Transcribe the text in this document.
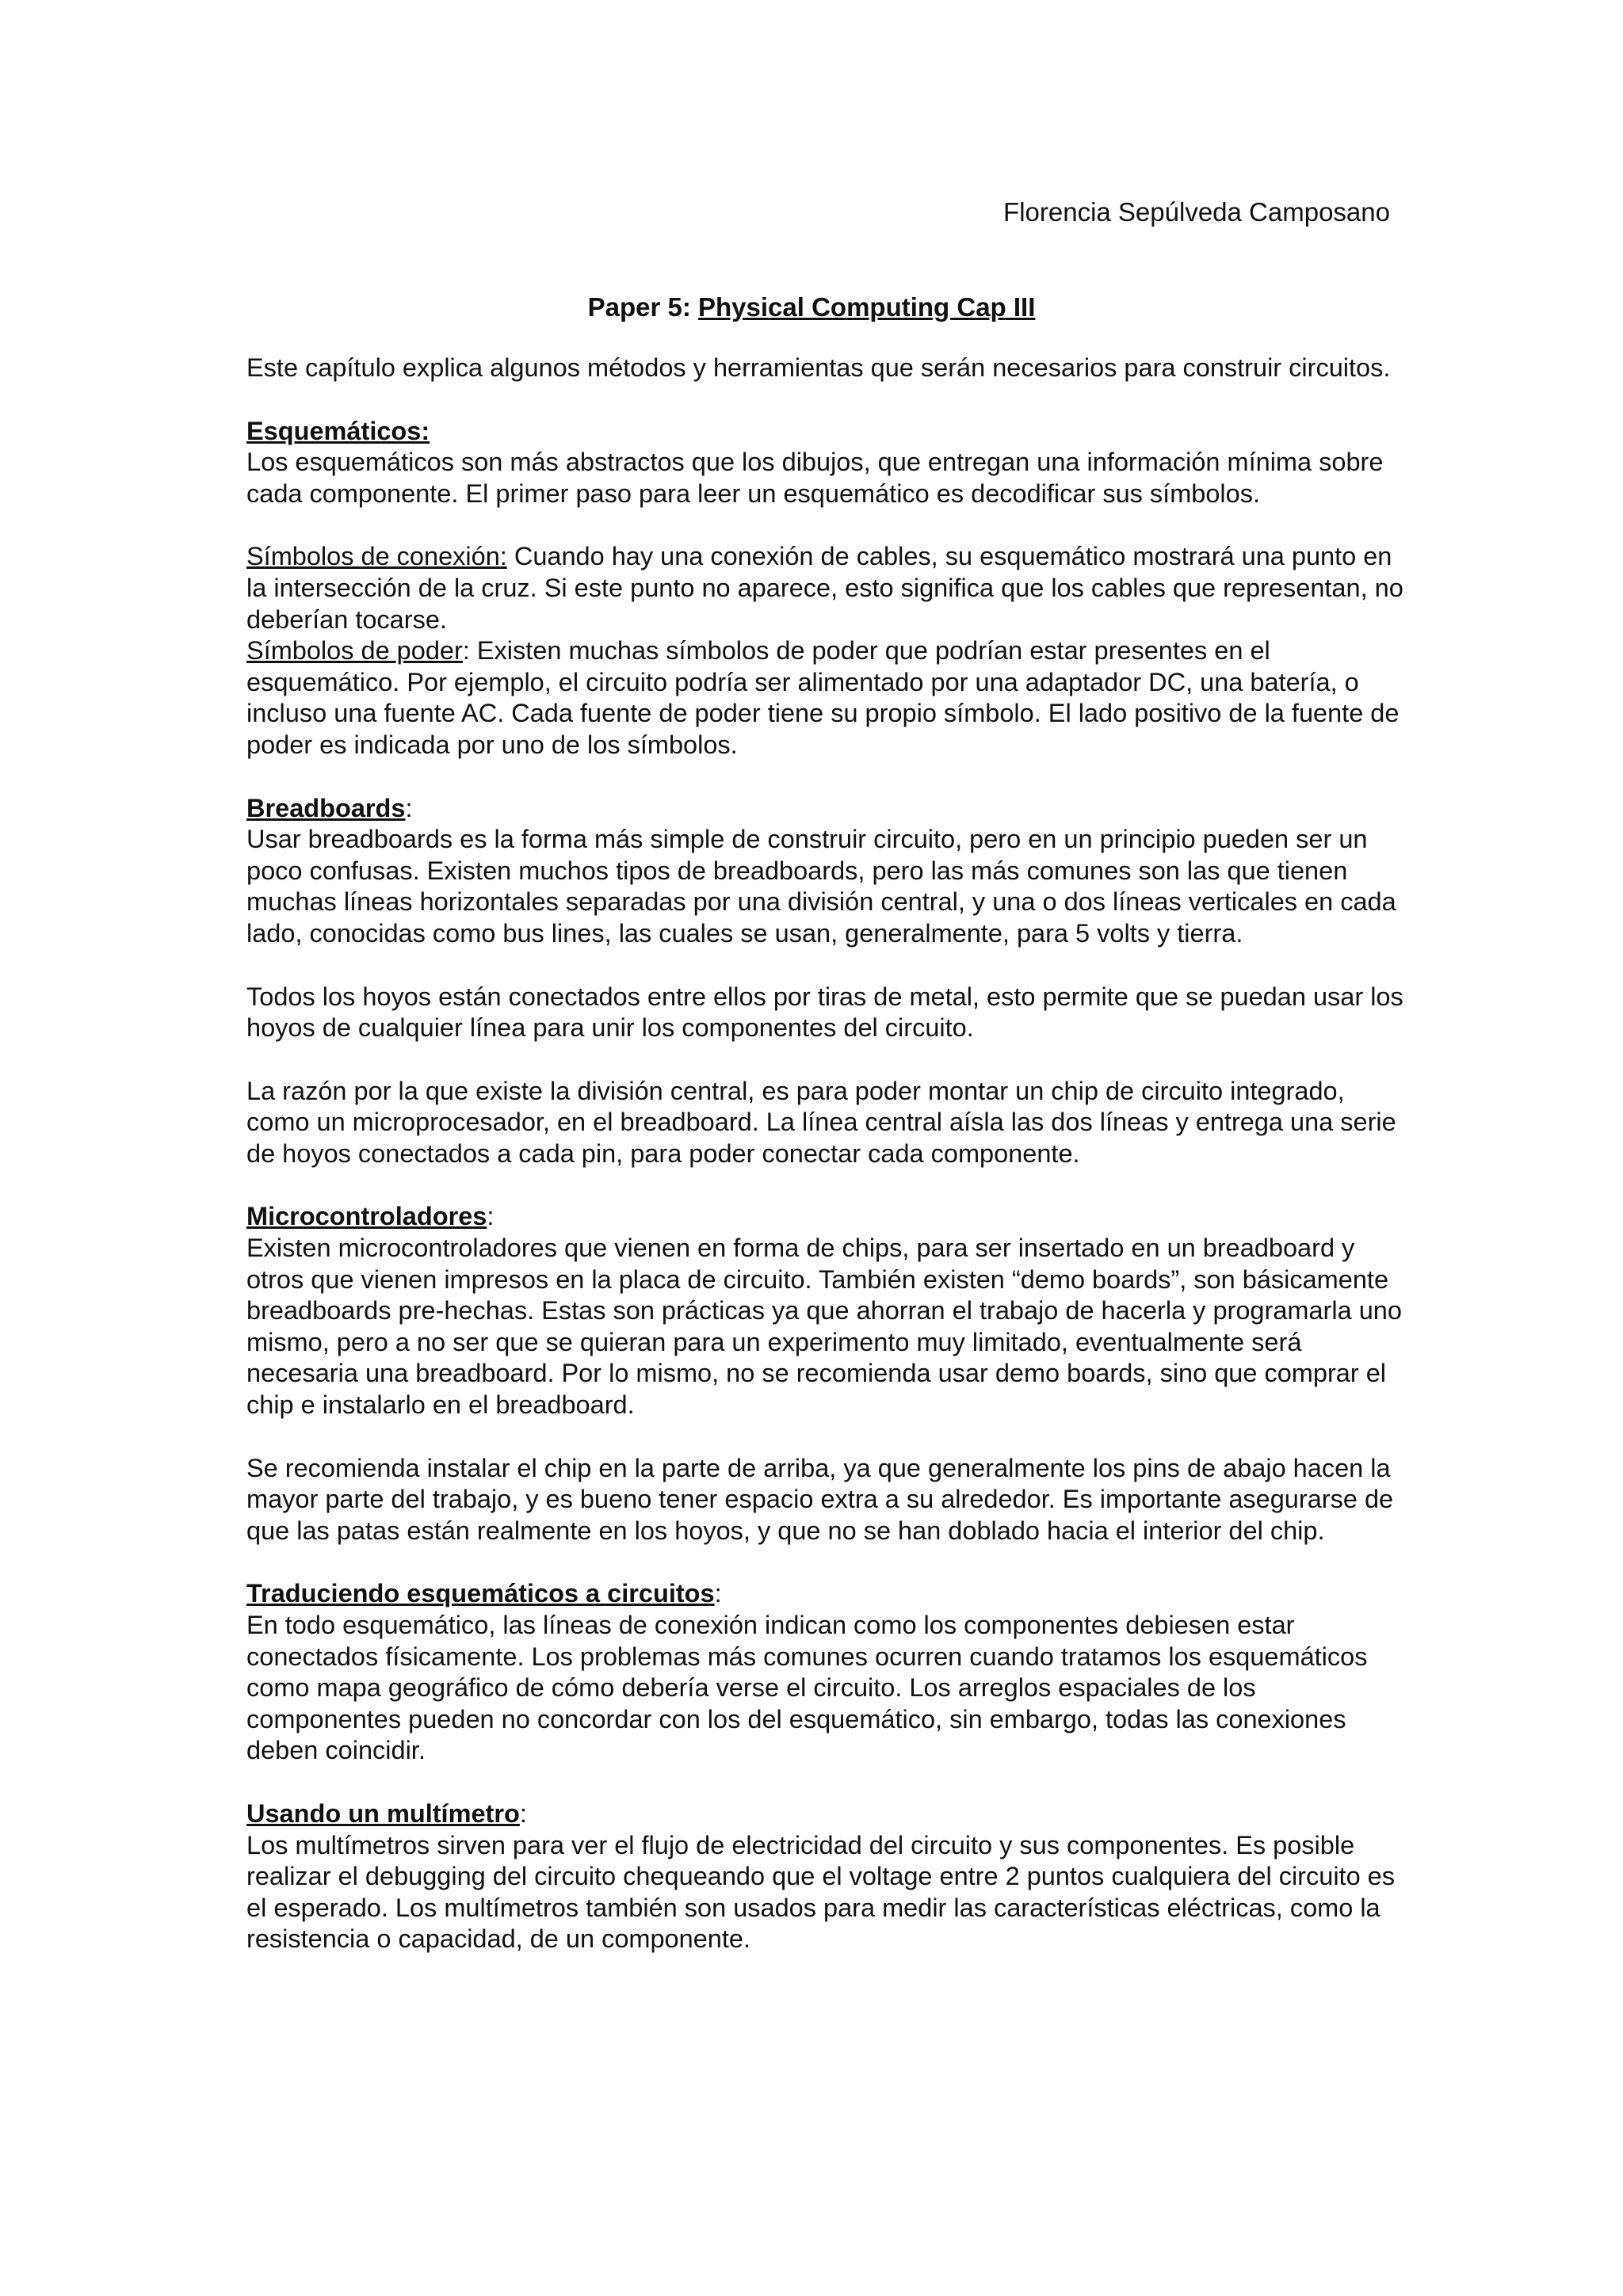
Florencia Sepúlveda Camposano
Paper 5: Physical Computing Cap III

Este capítulo explica algunos métodos y herramientas que serán necesarios para construir circuitos.

Esquemáticos:
Los esquemáticos son más abstractos que los dibujos, que entregan una información mínima sobre cada componente. El primer paso para leer un esquemático es decodificar sus símbolos.

Símbolos de conexión: Cuando hay una conexión de cables, su esquemático mostrará una punto en la intersección de la cruz. Si este punto no aparece, esto significa que los cables que representan, no deberían tocarse.

Símbolos de poder: Existen muchas símbolos de poder que podrían estar presentes en el esquemático. Por ejemplo, el circuito podría ser alimentado por una adaptador DC, una batería, o incluso una fuente AC. Cada fuente de poder tiene su propio símbolo. El lado positivo de la fuente de poder es indicada por uno de los símbolos.

Breadboards:
Usar breadboards es la forma más simple de construir circuito, pero en un principio pueden ser un poco confusas. Existen muchos tipos de breadboards, pero las más comunes son las que tienen muchas líneas horizontales separadas por una división central, y una o dos líneas verticales en cada lado, conocidas como bus lines, las cuales se usan, generalmente, para 5 volts y tierra.

Todos los hoyos están conectados entre ellos por tiras de metal, esto permite que se puedan usar los hoyos de cualquier línea para unir los componentes del circuito.

La razón por la que existe la división central, es para poder montar un chip de circuito integrado, como un microprocesador, en el breadboard. La línea central aísla las dos líneas y entrega una serie de hoyos conectados a cada pin, para poder conectar cada componente.

Microcontroladores:
Existen microcontroladores que vienen en forma de chips, para ser insertado en un breadboard y otros que vienen impresos en la placa de circuito. También existen “demo boards”, son básicamente breadboards pre-hechas. Estas son prácticas ya que ahorran el trabajo de hacerla y programarla uno mismo, pero a no ser que se quieran para un experimento muy limitado, eventualmente será necesaria una breadboard. Por lo mismo, no se recomienda usar demo boards, sino que comprar el chip e instalarlo en el breadboard.

Se recomienda instalar el chip en la parte de arriba, ya que generalmente los pins de abajo hacen la mayor parte del trabajo, y es bueno tener espacio extra a su alrededor. Es importante asegurarse de que las patas están realmente en los hoyos, y que no se han doblado hacia el interior del chip.

Traduciendo esquemáticos a circuitos:
En todo esquemático, las líneas de conexión indican como los componentes debiesen estar conectados físicamente. Los problemas más comunes ocurren cuando tratamos los esquemáticos como mapa geográfico de cómo debería verse el circuito. Los arreglos espaciales de los componentes pueden no concordar con los del esquemático, sin embargo, todas las conexiones deben coincidir.

Usando un multímetro:
Los multímetros sirven para ver el flujo de electricidad del circuito y sus componentes. Es posible realizar el debugging del circuito chequeando que el voltage entre 2 puntos cualquiera del circuito es el esperado. Los multímetros también son usados para medir las características eléctricas, como la resistencia o capacidad, de un componente.
